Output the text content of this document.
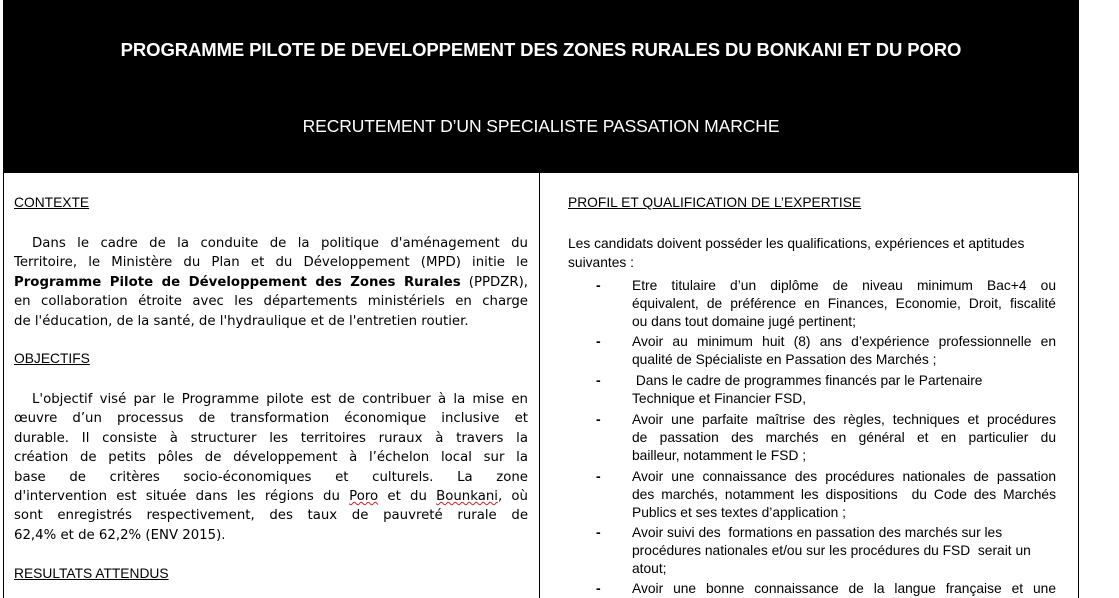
PROGRAMME PILOTE DE DEVELOPPEMENT DES ZONES RURALES DU BONKANI ET DU PORO
RECRUTEMENT D’UN SPECIALISTE PASSATION MARCHE
CONTEXTE
Dans le cadre de la conduite de la politique d'aménagement du
Territoire, le Ministère du Plan et du Développement (MPD) initie le
Programme Pilote de Développement des Zones Rurales (PPDZR),
en collaboration étroite avec les départements ministériels en charge
de l'éducation, de la santé, de l'hydraulique et de l'entretien routier.
OBJECTIFS
L'objectif visé par le Programme pilote est de contribuer à la mise en
œuvre d’un processus de transformation économique inclusive et
durable. Il consiste à structurer les territoires ruraux à travers la
création de petits pôles de développement à l’échelon local sur la
base de critères socio-économiques et culturels. La zone
d'intervention est située dans les régions du Poro et du Bounkani, où
sont enregistrés respectivement, des taux de pauvreté rurale de
62,4% et de 62,2% (ENV 2015).
RESULTATS ATTENDUS
PROFIL ET QUALIFICATION DE L’EXPERTISE
Les candidats doivent posséder les qualifications, expériences et aptitudes
suivantes :
- Etre titulaire d’un diplôme de niveau minimum Bac+4 ou
équivalent, de préférence en Finances, Economie, Droit, fiscalité
ou dans tout domaine jugé pertinent;
- Avoir au minimum huit (8) ans d’expérience professionnelle en
qualité de Spécialiste en Passation des Marchés ;
- Dans le cadre de programmes financés par le Partenaire
Technique et Financier FSD,
- Avoir une parfaite maîtrise des règles, techniques et procédures
de passation des marchés en général et en particulier du
bailleur, notamment le FSD ;
- Avoir une connaissance des procédures nationales de passation
des marchés, notamment les dispositions  du Code des Marchés
Publics et ses textes d’application ;
- Avoir suivi des  formations en passation des marchés sur les
procédures nationales et/ou sur les procédures du FSD  serait un
atout;
- Avoir une bonne connaissance de la langue française et une
